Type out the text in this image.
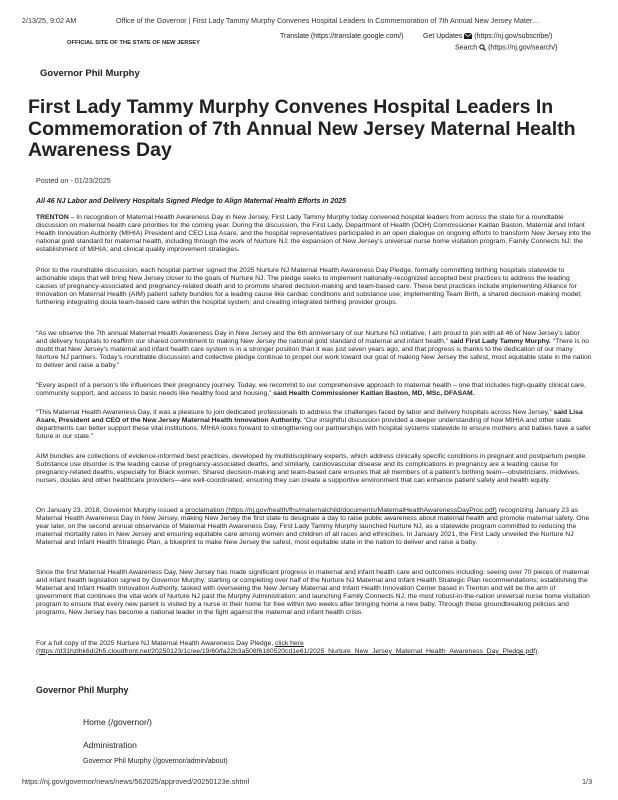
2/13/25, 9:02 AM	Office of the Governor | First Lady Tammy Murphy Convenes Hospital Leaders In Commemoration of 7th Annual New Jersey Mater…
OFFICIAL SITE OF THE STATE OF NEW JERSEY
Translate (https://translate.google.com/)	Get Updates (https://nj.gov/subscribe/)
Search (https://nj.gov/search/)
Governor Phil Murphy
First Lady Tammy Murphy Convenes Hospital Leaders In Commemoration of 7th Annual New Jersey Maternal Health Awareness Day
Posted on - 01/23/2025
All 46 NJ Labor and Delivery Hospitals Signed Pledge to Align Maternal Health Efforts in 2025

TRENTON – In recognition of Maternal Health Awareness Day in New Jersey, First Lady Tammy Murphy today convened hospital leaders from across the state for a roundtable discussion on maternal health care priorities for the coming year. During the discussion, the First Lady, Department of Health (DOH) Commissioner Kaitlan Baston, Maternal and Infant Health Innovation Authority (MIHIA) President and CEO Lisa Asare, and the hospital representatives participated in an open dialogue on ongoing efforts to transform New Jersey into the national gold standard for maternal health, including through the work of Nurture NJ; the expansion of New Jersey’s universal nurse home visitation program, Family Connects NJ; the establishment of MIHIA; and clinical quality improvement strategies.

Prior to the roundtable discussion, each hospital partner signed the 2025 Nurture NJ Maternal Health Awareness Day Pledge, formally committing birthing hospitals statewide to actionable steps that will bring New Jersey closer to the goals of Nurture NJ. The pledge seeks to implement nationally-recognized accepted best practices to address the leading causes of pregnancy-associated and pregnancy-related death and to promote shared decision-making and team-based care. These best practices include implementing Alliance for Innovation on Maternal Health (AIM) patient safety bundles for a leading cause like cardiac conditions and substance use; implementing Team Birth, a shared decision-making model; furthering integrating doula team-based care within the hospital system; and creating integrated birthing provider groups.

“As we observe the 7th annual Maternal Health Awareness Day in New Jersey and the 6th anniversary of our Nurture NJ initiative, I am proud to join with all 46 of New Jersey’s labor and delivery hospitals to reaffirm our shared commitment to making New Jersey the national gold standard of maternal and infant health,” said First Lady Tammy Murphy. “There is no doubt that New Jersey’s maternal and infant health care system is in a stronger position than it was just seven years ago, and that progress is thanks to the dedication of our many Nurture NJ partners. Today’s roundtable discussion and collective pledge continue to propel our work toward our goal of making New Jersey the safest, most equitable state in the nation to deliver and raise a baby.”

“Every aspect of a person’s life influences their pregnancy journey. Today, we recommit to our comprehensive approach to maternal health – one that includes high-quality clinical care, community support, and access to basic needs like healthy food and housing,” said Health Commissioner Kaitlan Baston, MD, MSc, DFASAM.

“This Maternal Health Awareness Day, it was a pleasure to join dedicated professionals to address the challenges faced by labor and delivery hospitals across New Jersey,” said Lisa Asare, President and CEO of the New Jersey Maternal Health Innovation Authority. “Our insightful discussion provided a deeper understanding of how MIHIA and other state departments can better support these vital institutions. MIHIA looks forward to strengthening our partnerships with hospital systems statewide to ensure mothers and babies have a safer future in our state.”

AIM bundles are collections of evidence-informed best practices, developed by multidisciplinary experts, which address clinically specific conditions in pregnant and postpartum people. Substance use disorder is the leading cause of pregnancy-associated deaths, and similarly, cardiovascular disease and its complications in pregnancy are a leading cause for pregnancy-related deaths, especially for Black women. Shared decision-making and team-based care ensures that all members of a patient’s birthing team—obstetricians, midwives, nurses, doulas and other healthcare providers—are well-coordinated, ensuring they can create a supportive environment that can enhance patient safety and health equity.

On January 23, 2018, Governor Murphy issued a proclamation (https://nj.gov/health/fhs/maternalchild/documents/MaternalHealthAwarenessDayProc.pdf) recognizing January 23 as Maternal Health Awareness Day in New Jersey, making New Jersey the first state to designate a day to raise public awareness about maternal health and promote maternal safety. One year later, on the second annual observance of Maternal Health Awareness Day, First Lady Tammy Murphy launched Nurture NJ, as a statewide program committed to reducing the maternal mortality rates in New Jersey and ensuring equitable care among women and children of all races and ethnicities. In January 2021, the First Lady unveiled the Nurture NJ Maternal and Infant Health Strategic Plan, a blueprint to make New Jersey the safest, most equitable state in the nation to deliver and raise a baby.

Since the first Maternal Health Awareness Day, New Jersey has made significant progress in maternal and infant health care and outcomes including: seeing over 70 pieces of maternal and infant health legislation signed by Governor Murphy; starting or completing over half of the Nurture NJ Maternal and Infant Health Strategic Plan recommendations; establishing the Maternal and Infant Health Innovation Authority, tasked with overseeing the New Jersey Maternal and Infant Health Innovation Center based in Trenton and will be the arm of government that continues the vital work of Nurture NJ past the Murphy Administration; and launching Family Connects NJ, the most robust-in-the-nation universal nurse home visitation program to ensure that every new parent is visited by a nurse in their home for free within two weeks after bringing home a new baby. Through these groundbreaking policies and programs, New Jersey has become a national leader in the fight against the maternal and infant health crisis.

For a full copy of the 2025 Nurture NJ Maternal Health Awareness Day Pledge, click here (https://d31hzlhk6di2h5.cloudfront.net/20250123/1c/ee/19/60/fa22b3a508f6180520cd1e61/2025_Nurture_New_Jersey_Maternal_Health_Awareness_Day_Pledge.pdf).

Governor Phil Murphy
Home (/governor/)
Administration
Governor Phil Murphy (/governor/admin/about)
https://nj.gov/governor/news/news/562025/approved/20250123e.shtml	1/3
